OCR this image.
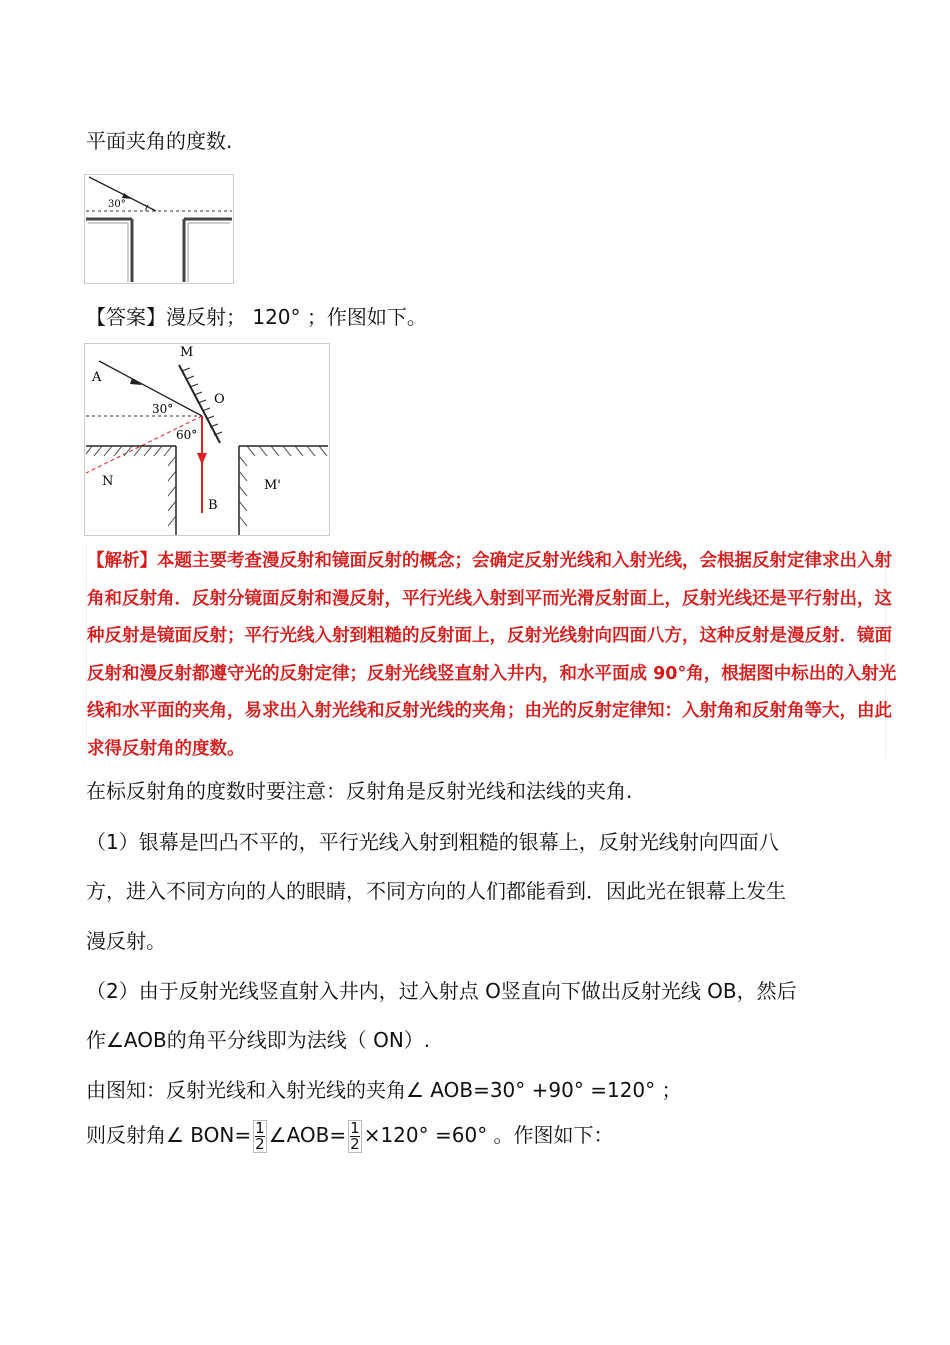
平面夹角的度数.
30°
【答案】漫反射； 120° ；作图如下。
A
M
O
30°
60°
N
B
M'
【解析】本题主要考查漫反射和镜面反射的概念；会确定反射光线和入射光线，会根据反射定律求出入射
角和反射角．反射分镜面反射和漫反射，平行光线入射到平而光滑反射面上，反射光线还是平行射出，这
种反射是镜面反射；平行光线入射到粗糙的反射面上，反射光线射向四面八方，这种反射是漫反射．镜面
反射和漫反射都遵守光的反射定律；反射光线竖直射入井内，和水平面成 90°角，根据图中标出的入射光
线和水平面的夹角，易求出入射光线和反射光线的夹角；由光的反射定律知：入射角和反射角等大，由此
求得反射角的度数。
在标反射角的度数时要注意：反射角是反射光线和法线的夹角.
（1）银幕是凹凸不平的，平行光线入射到粗糙的银幕上，反射光线射向四面八
方，进入不同方向的人的眼睛，不同方向的人们都能看到．因此光在银幕上发生
漫反射。
（2）由于反射光线竖直射入井内，过入射点 O竖直向下做出反射光线 OB，然后
作∠AOB的角平分线即为法线（ ON）.
由图知：反射光线和入射光线的夹角∠ AOB=30° +90° =120° ；
则反射角∠ $BON= \frac{1}{2}$ ∠AOB= $\frac{1}{2} \times 120^\circ =60^\circ$ 。作图如下：
